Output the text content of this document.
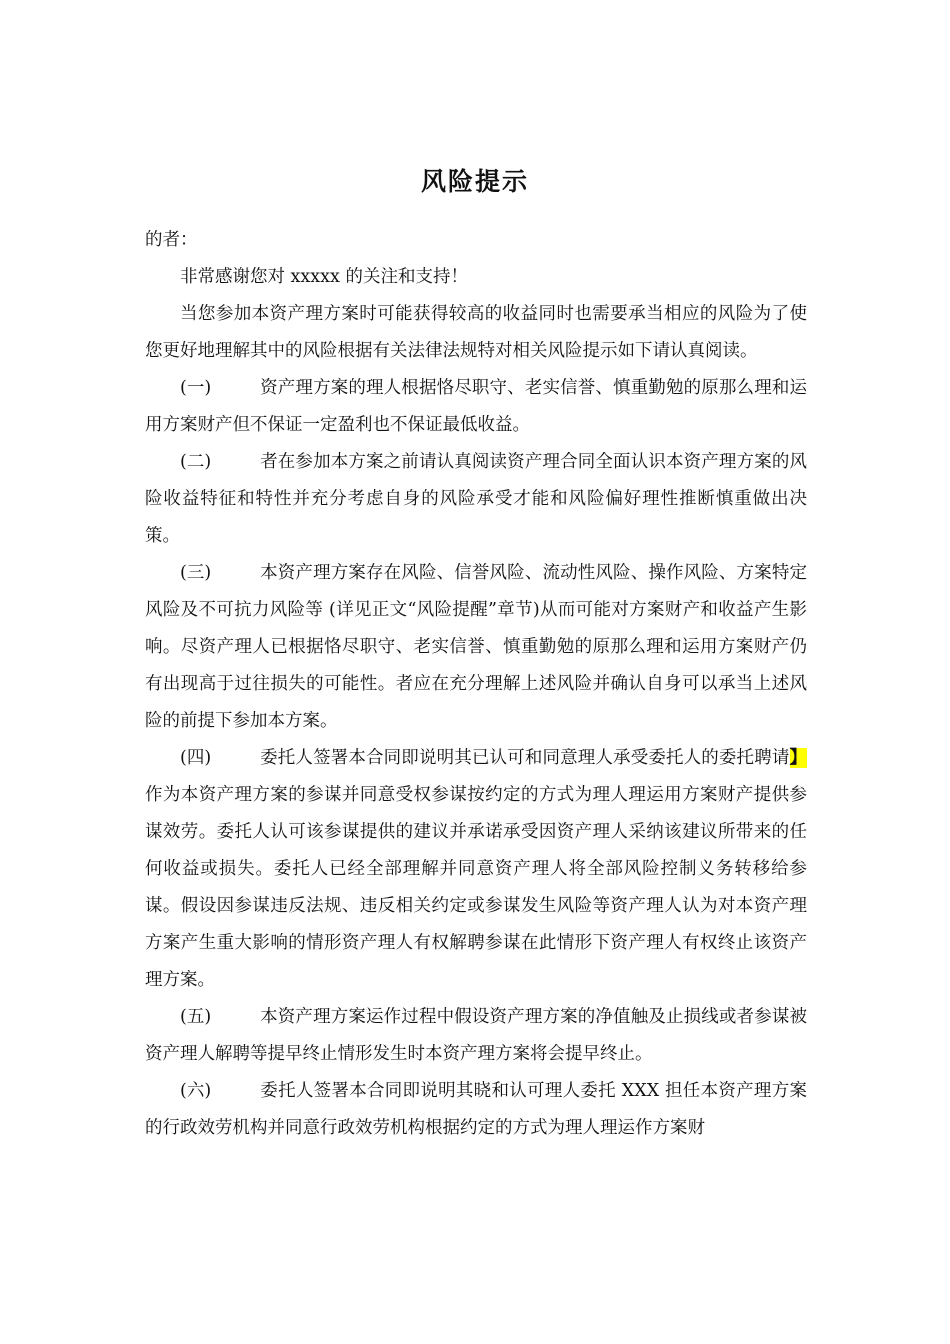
风险提示

的者：

非常感谢您对 xxxxx 的关注和支持！

当您参加本资产理方案时可能获得较高的收益同时也需要承当相应的风险为了使您更好地理解其中的风险根据有关法律法规特对相关风险提示如下请认真阅读。

(一)	资产理方案的理人根据恪尽职守、老实信誉、慎重勤勉的原那么理和运用方案财产但不保证一定盈利也不保证最低收益。

(二)	者在参加本方案之前请认真阅读资产理合同全面认识本资产理方案的风险收益特征和特性并充分考虑自身的风险承受才能和风险偏好理性推断慎重做出决策。

(三)	本资产理方案存在风险、信誉风险、流动性风险、操作风险、方案特定风险及不可抗力风险等 (详见正文“风险提醒”章节)从而可能对方案财产和收益产生影响。尽资产理人已根据恪尽职守、老实信誉、慎重勤勉的原那么理和运用方案财产仍有出现高于过往损失的可能性。者应在充分理解上述风险并确认自身可以承当上述风险的前提下参加本方案。

(四)	委托人签署本合同即说明其已认可和同意理人承受委托人的委托聘请】作为本资产理方案的参谋并同意受权参谋按约定的方式为理人理运用方案财产提供参谋效劳。委托人认可该参谋提供的建议并承诺承受因资产理人采纳该建议所带来的任何收益或损失。委托人已经全部理解并同意资产理人将全部风险控制义务转移给参谋。假设因参谋违反法规、违反相关约定或参谋发生风险等资产理人认为对本资产理方案产生重大影响的情形资产理人有权解聘参谋在此情形下资产理人有权终止该资产理方案。

(五)	本资产理方案运作过程中假设资产理方案的净值触及止损线或者参谋被资产理人解聘等提早终止情形发生时本资产理方案将会提早终止。

(六)	委托人签署本合同即说明其晓和认可理人委托 XXX 担任本资产理方案的行政效劳机构并同意行政效劳机构根据约定的方式为理人理运作方案财
